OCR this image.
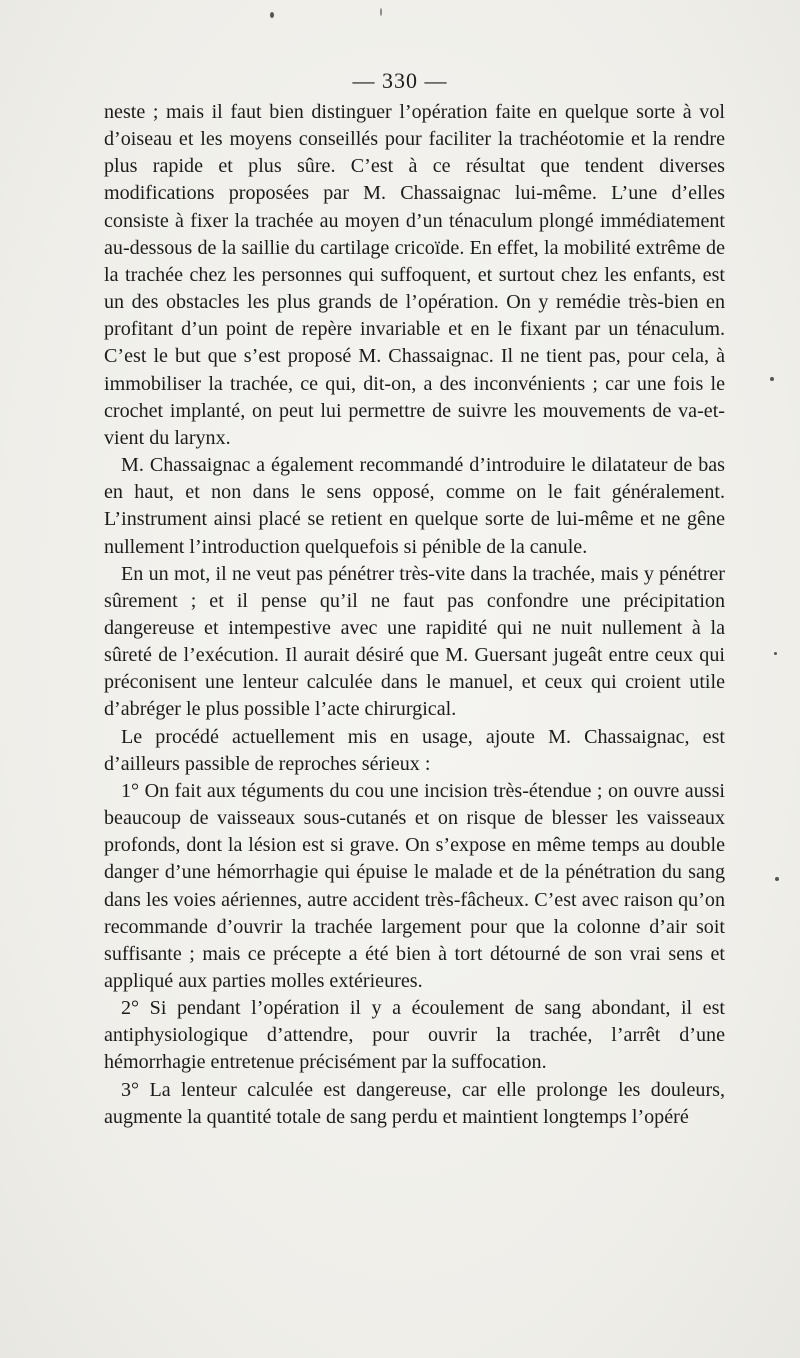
— 330 —

neste ; mais il faut bien distinguer l’opération faite en quelque sorte à vol d’oiseau et les moyens conseillés pour faciliter la trachéotomie et la rendre plus rapide et plus sûre. C’est à ce résultat que tendent diverses modifications proposées par M. Chassaignac lui-même. L’une d’elles consiste à fixer la trachée au moyen d’un ténaculum plongé immédiatement au-dessous de la saillie du cartilage cricoïde. En effet, la mobilité extrême de la trachée chez les personnes qui suffoquent, et surtout chez les enfants, est un des obstacles les plus grands de l’opération. On y remédie très-bien en profitant d’un point de repère invariable et en le fixant par un ténaculum. C’est le but que s’est proposé M. Chassaignac. Il ne tient pas, pour cela, à immobiliser la trachée, ce qui, dit-on, a des inconvénients ; car une fois le crochet implanté, on peut lui permettre de suivre les mouvements de va-et-vient du larynx.

M. Chassaignac a également recommandé d’introduire le dilatateur de bas en haut, et non dans le sens opposé, comme on le fait généralement. L’instrument ainsi placé se retient en quelque sorte de lui-même et ne gêne nullement l’introduction quelquefois si pénible de la canule.

En un mot, il ne veut pas pénétrer très-vite dans la trachée, mais y pénétrer sûrement ; et il pense qu’il ne faut pas confondre une précipitation dangereuse et intempestive avec une rapidité qui ne nuit nullement à la sûreté de l’exécution. Il aurait désiré que M. Guersant jugeât entre ceux qui préconisent une lenteur calculée dans le manuel, et ceux qui croient utile d’abréger le plus possible l’acte chirurgical.

Le procédé actuellement mis en usage, ajoute M. Chassaignac, est d’ailleurs passible de reproches sérieux :

1° On fait aux téguments du cou une incision très-étendue ; on ouvre aussi beaucoup de vaisseaux sous-cutanés et on risque de blesser les vaisseaux profonds, dont la lésion est si grave. On s’expose en même temps au double danger d’une hémorrhagie qui épuise le malade et de la pénétration du sang dans les voies aériennes, autre accident très-fâcheux. C’est avec raison qu’on recommande d’ouvrir la trachée largement pour que la colonne d’air soit suffisante ; mais ce précepte a été bien à tort détourné de son vrai sens et appliqué aux parties molles extérieures.

2° Si pendant l’opération il y a écoulement de sang abondant, il est antiphysiologique d’attendre, pour ouvrir la trachée, l’arrêt d’une hémorrhagie entretenue précisément par la suffocation.

3° La lenteur calculée est dangereuse, car elle prolonge les douleurs, augmente la quantité totale de sang perdu et maintient longtemps l’opéré
